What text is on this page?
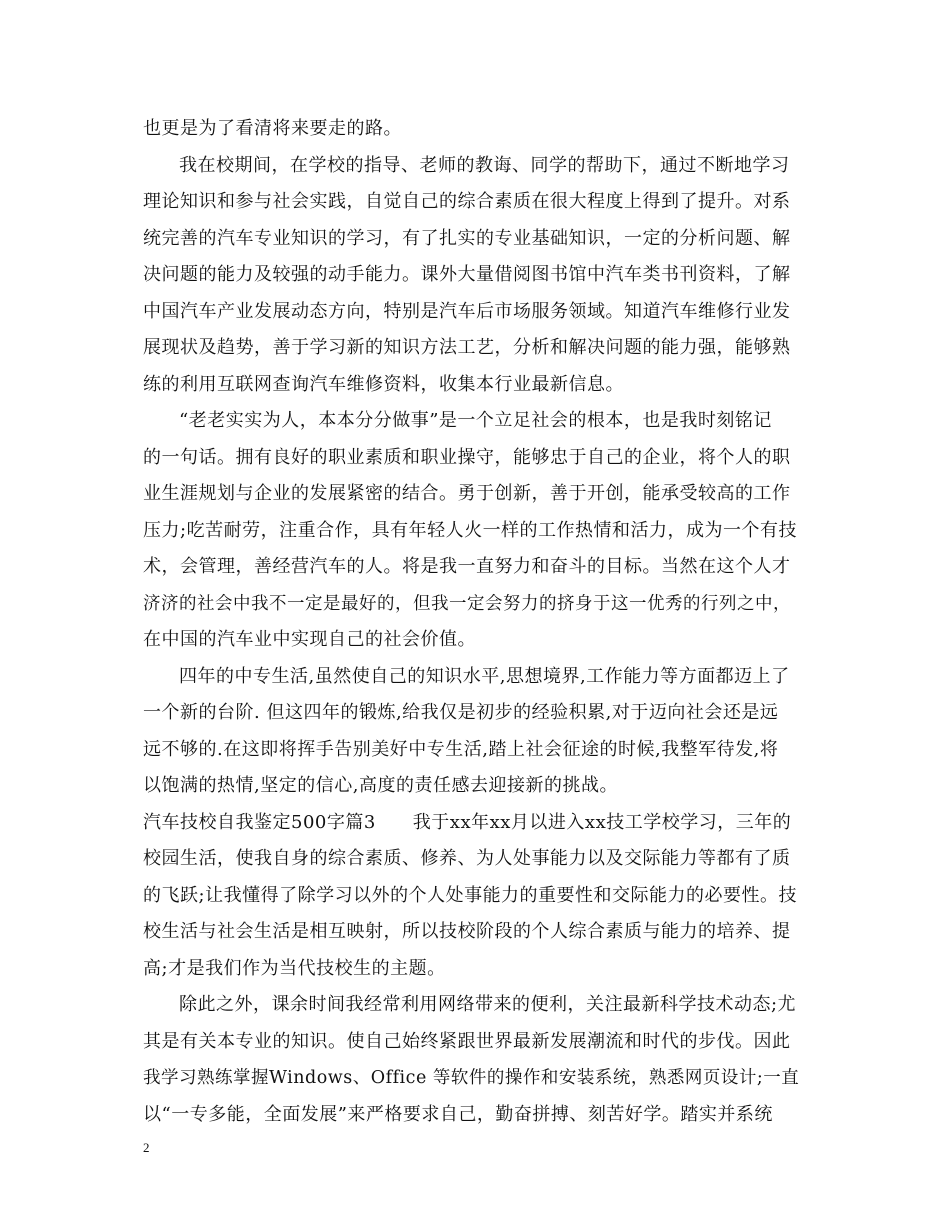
也更是为了看清将来要走的路。
我在校期间，在学校的指导、老师的教诲、同学的帮助下，通过不断地学习
理论知识和参与社会实践，自觉自己的综合素质在很大程度上得到了提升。对系
统完善的汽车专业知识的学习，有了扎实的专业基础知识，一定的分析问题、解
决问题的能力及较强的动手能力。课外大量借阅图书馆中汽车类书刊资料，了解
中国汽车产业发展动态方向，特别是汽车后市场服务领域。知道汽车维修行业发
展现状及趋势，善于学习新的知识方法工艺，分析和解决问题的能力强，能够熟
练的利用互联网查询汽车维修资料，收集本行业最新信息。
“老老实实为人，本本分分做事”是一个立足社会的根本，也是我时刻铭记
的一句话。拥有良好的职业素质和职业操守，能够忠于自己的企业，将个人的职
业生涯规划与企业的发展紧密的结合。勇于创新，善于开创，能承受较高的工作
压力;吃苦耐劳，注重合作，具有年轻人火一样的工作热情和活力，成为一个有技
术，会管理，善经营汽车的人。将是我一直努力和奋斗的目标。当然在这个人才
济济的社会中我不一定是最好的，但我一定会努力的挤身于这一优秀的行列之中，
在中国的汽车业中实现自己的社会价值。
四年的中专生活,虽然使自己的知识水平,思想境界,工作能力等方面都迈上了
一个新的台阶. 但这四年的锻炼,给我仅是初步的经验积累,对于迈向社会还是远
远不够的.在这即将挥手告别美好中专生活,踏上社会征途的时候,我整军待发,将
以饱满的热情,坚定的信心,高度的责任感去迎接新的挑战。
汽车技校自我鉴定500字篇3　　我于xx年xx月以进入xx技工学校学习，三年的
校园生活，使我自身的综合素质、修养、为人处事能力以及交际能力等都有了质
的飞跃;让我懂得了除学习以外的个人处事能力的重要性和交际能力的必要性。技
校生活与社会生活是相互映射，所以技校阶段的个人综合素质与能力的培养、提
高;才是我们作为当代技校生的主题。
除此之外，课余时间我经常利用网络带来的便利，关注最新科学技术动态;尤
其是有关本专业的知识。使自己始终紧跟世界最新发展潮流和时代的步伐。因此
我学习熟练掌握Windows、Office 等软件的操作和安装系统，熟悉网页设计;一直
以“一专多能，全面发展”来严格要求自己，勤奋拼搏、刻苦好学。踏实并系统
2
